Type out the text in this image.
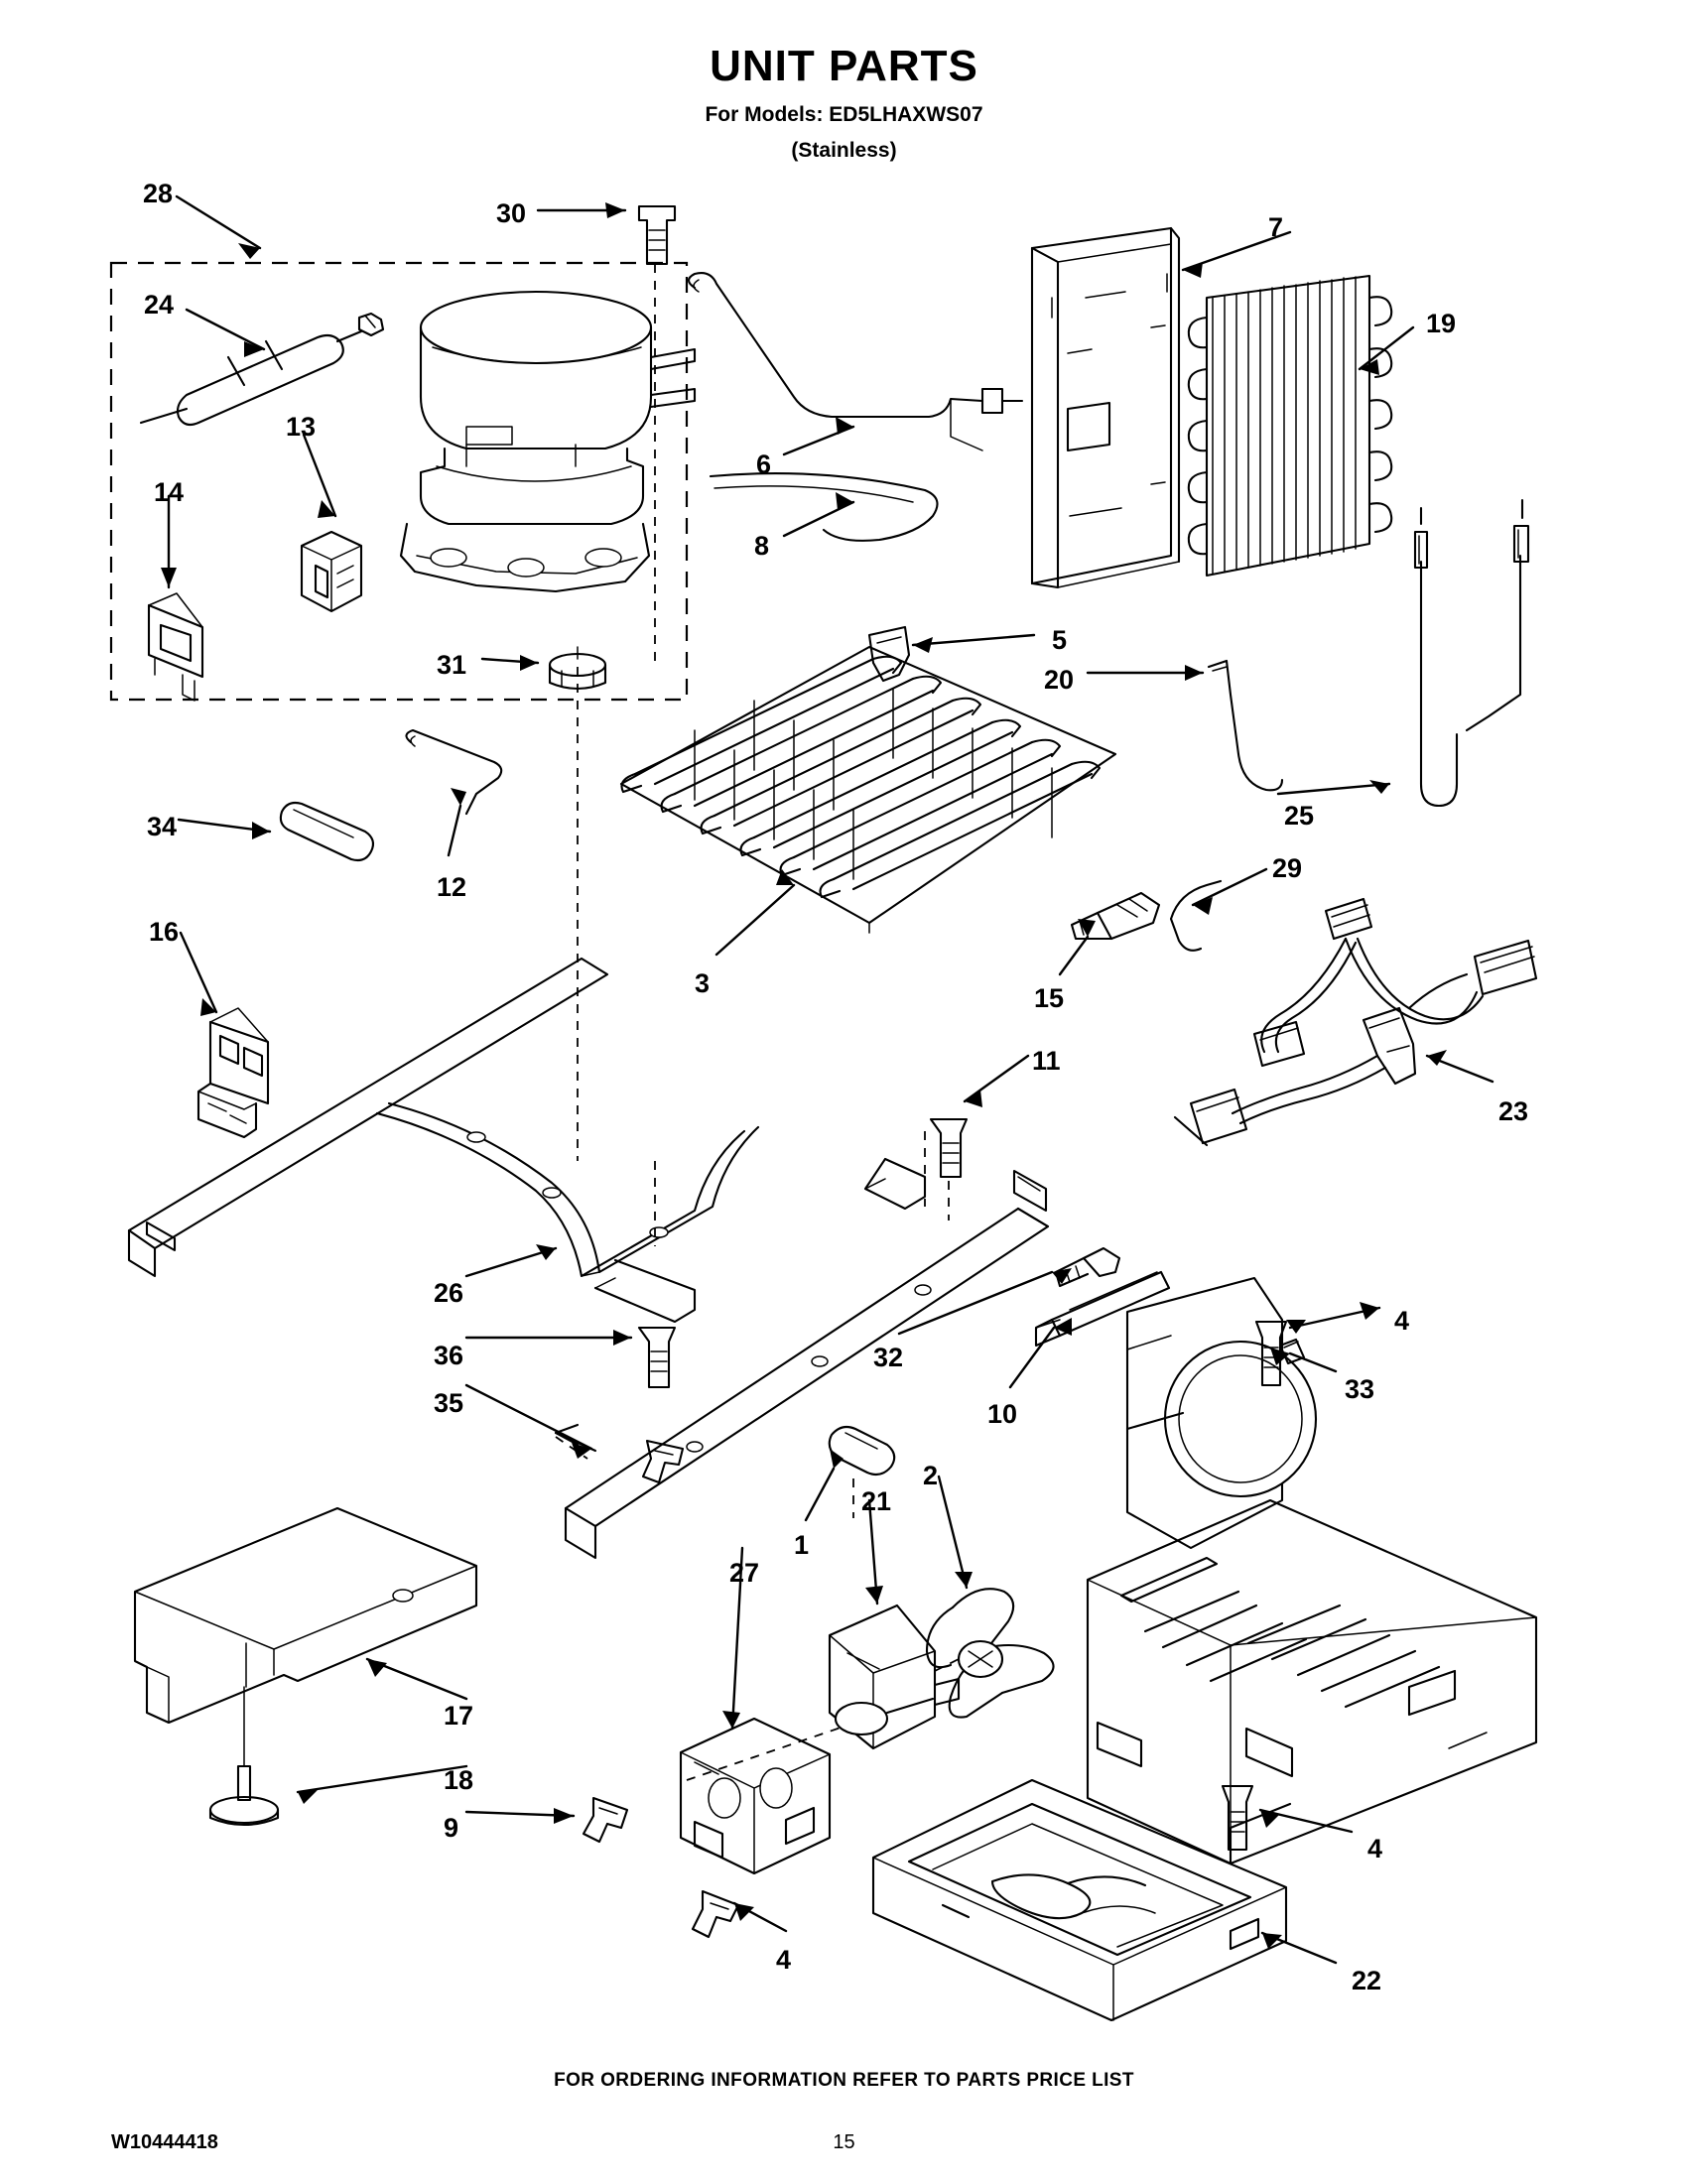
UNIT PARTS
For Models: ED5LHAXWS07
(Stainless)
28
30	7
24
19
13
14
6
8
31
5
20
25
34
12
29
3	15
16
11
23
26
36
35
32
10
4
33
1
21
2
27
17
18
9
4
4
22
FOR ORDERING INFORMATION REFER TO PARTS PRICE LIST
W10444418	15
